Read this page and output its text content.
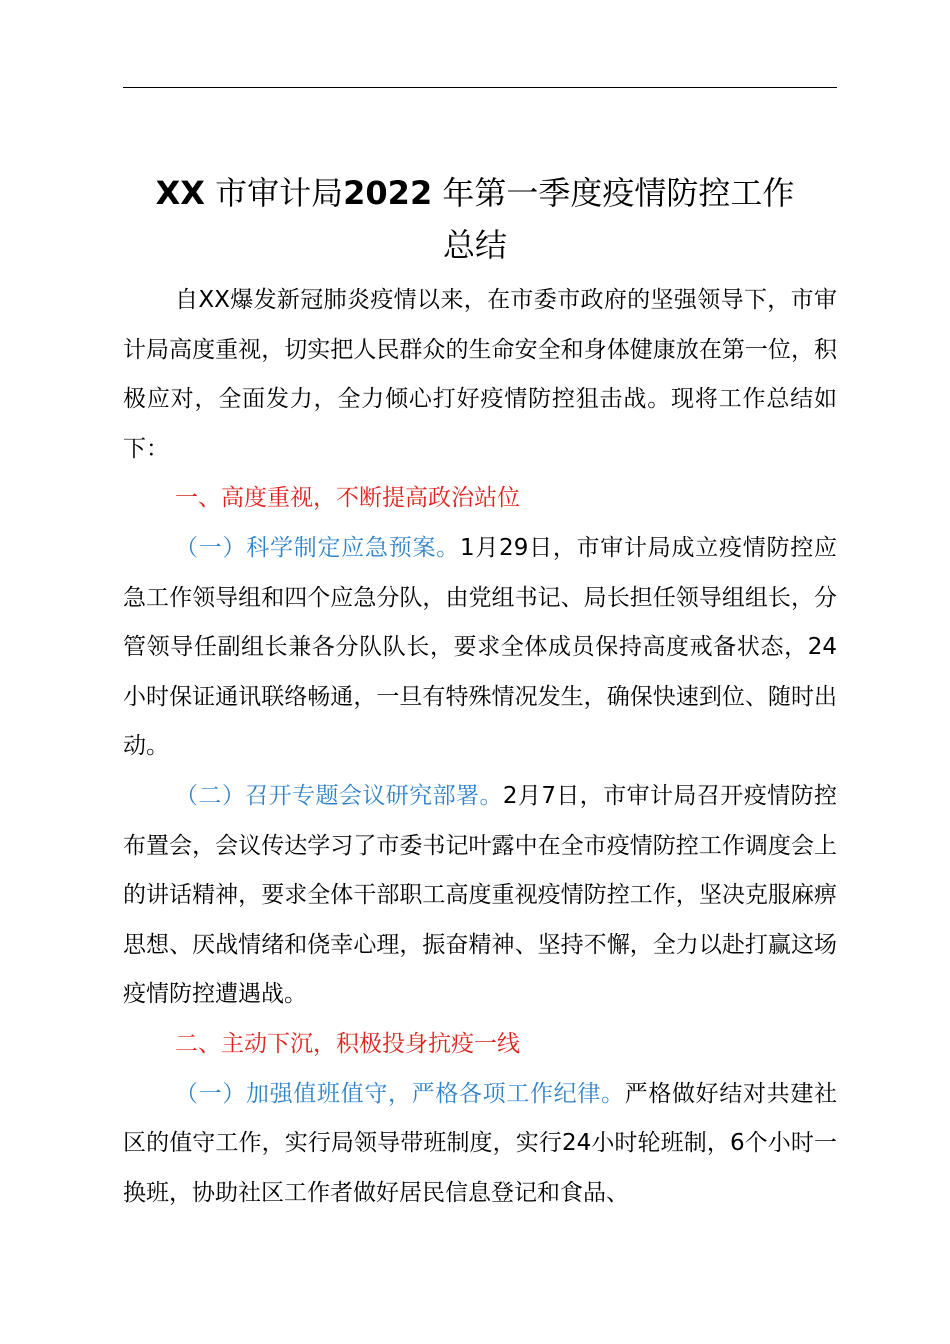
XX 市审计局2022 年第一季度疫情防控工作
总结

自XX爆发新冠肺炎疫情以来，在市委市政府的坚强领导下，市审计局高度重视，切实把人民群众的生命安全和身体健康放在第一位，积极应对，全面发力，全力倾心打好疫情防控狙击战。现将工作总结如下：

一、高度重视，不断提高政治站位

（一）科学制定应急预案。1月29日，市审计局成立疫情防控应急工作领导组和四个应急分队，由党组书记、局长担任领导组组长，分管领导任副组长兼各分队队长，要求全体成员保持高度戒备状态，24小时保证通讯联络畅通，一旦有特殊情况发生，确保快速到位、随时出动。

（二）召开专题会议研究部署。2月7日，市审计局召开疫情防控布置会，会议传达学习了市委书记叶露中在全市疫情防控工作调度会上的讲话精神，要求全体干部职工高度重视疫情防控工作，坚决克服麻痹思想、厌战情绪和侥幸心理，振奋精神、坚持不懈，全力以赴打赢这场疫情防控遭遇战。

二、主动下沉，积极投身抗疫一线

（一）加强值班值守，严格各项工作纪律。严格做好结对共建社区的值守工作，实行局领导带班制度，实行24小时轮班制，6个小时一换班，协助社区工作者做好居民信息登记和食品、
